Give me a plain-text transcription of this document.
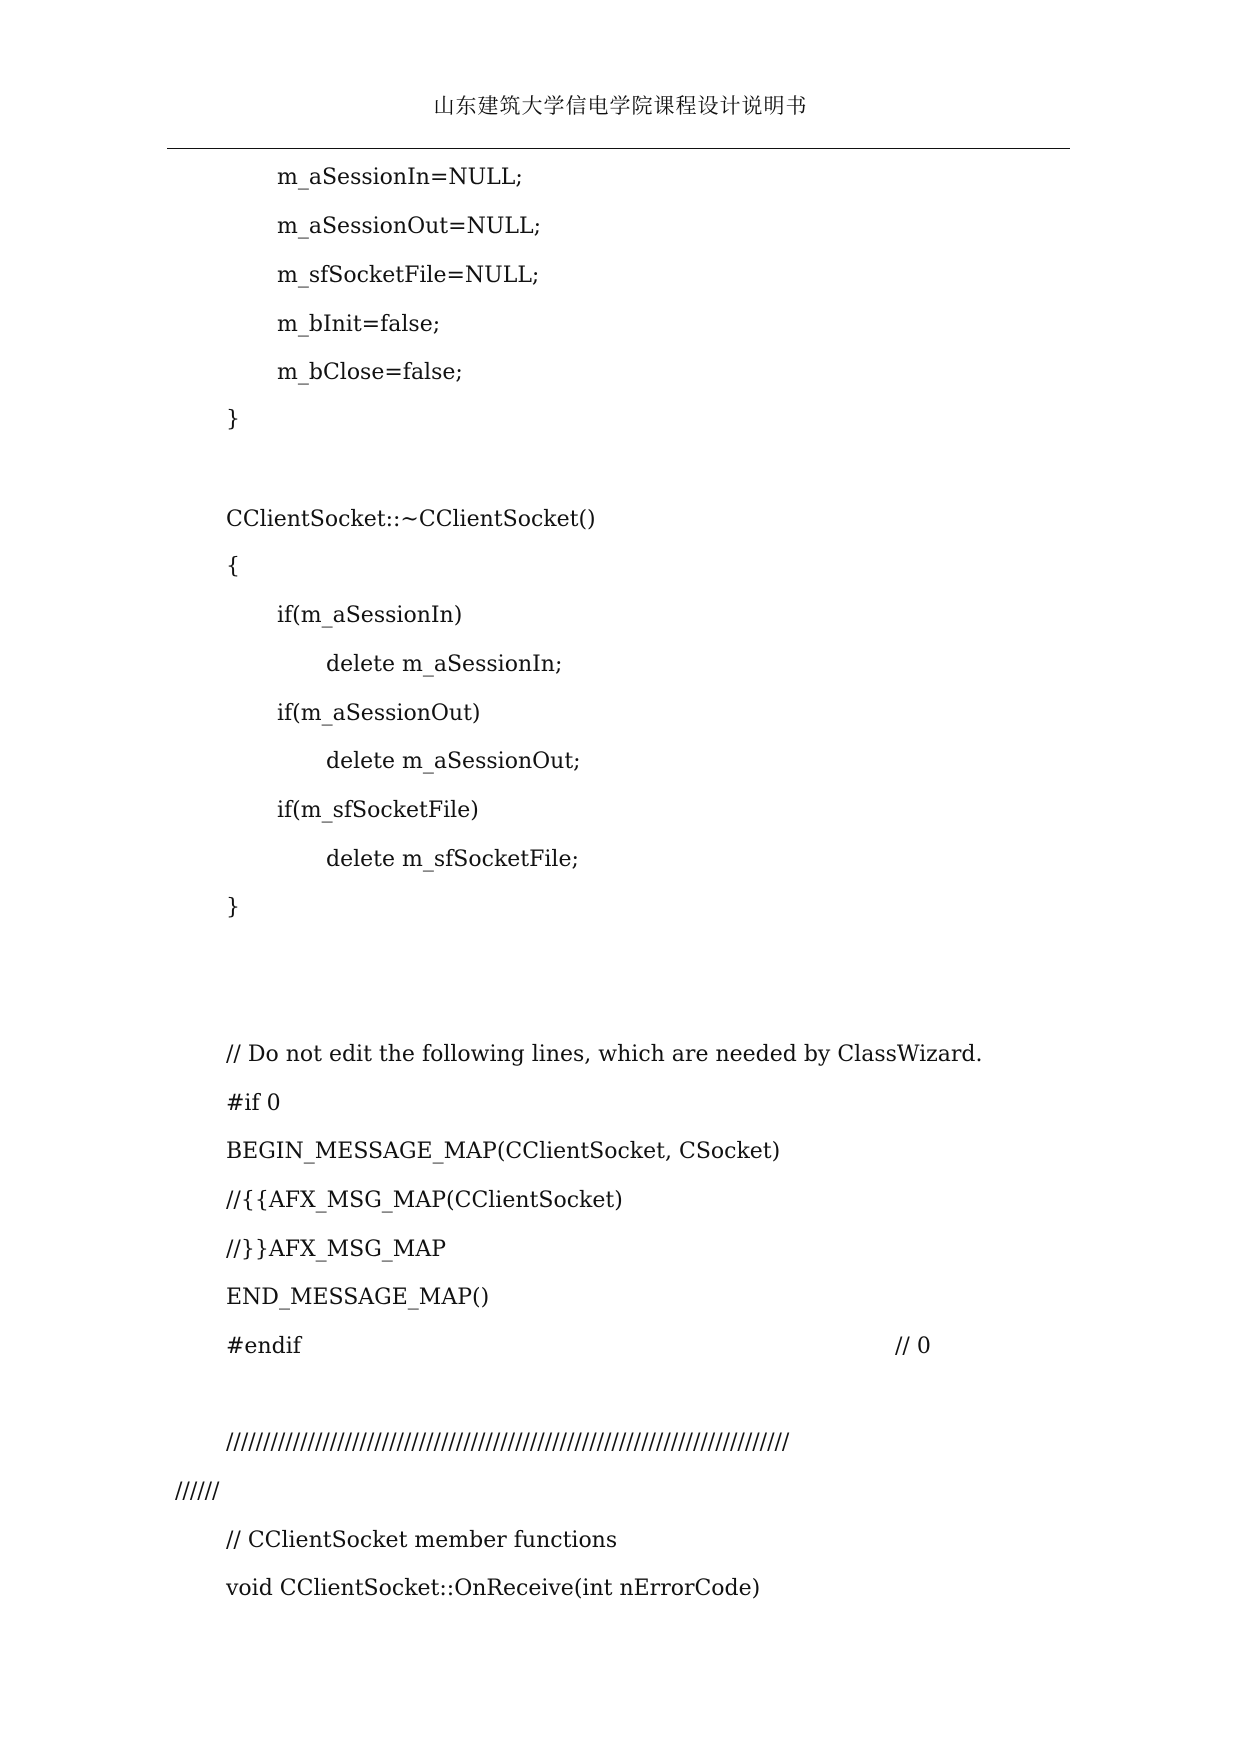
山东建筑大学信电学院课程设计说明书
m_aSessionIn=NULL;
m_aSessionOut=NULL;
m_sfSocketFile=NULL;
m_bInit=false;
m_bClose=false;
}
CClientSocket::~CClientSocket()
{
if(m_aSessionIn)
delete m_aSessionIn;
if(m_aSessionOut)
delete m_aSessionOut;
if(m_sfSocketFile)
delete m_sfSocketFile;
}
// Do not edit the following lines, which are needed by ClassWizard.
#if 0
BEGIN_MESSAGE_MAP(CClientSocket, CSocket)
//{{AFX_MSG_MAP(CClientSocket)
//}}AFX_MSG_MAP
END_MESSAGE_MAP()
#endif	// 0
////////////////////////////////////////////////////////////////////////////
//////
// CClientSocket member functions
void CClientSocket::OnReceive(int nErrorCode)
